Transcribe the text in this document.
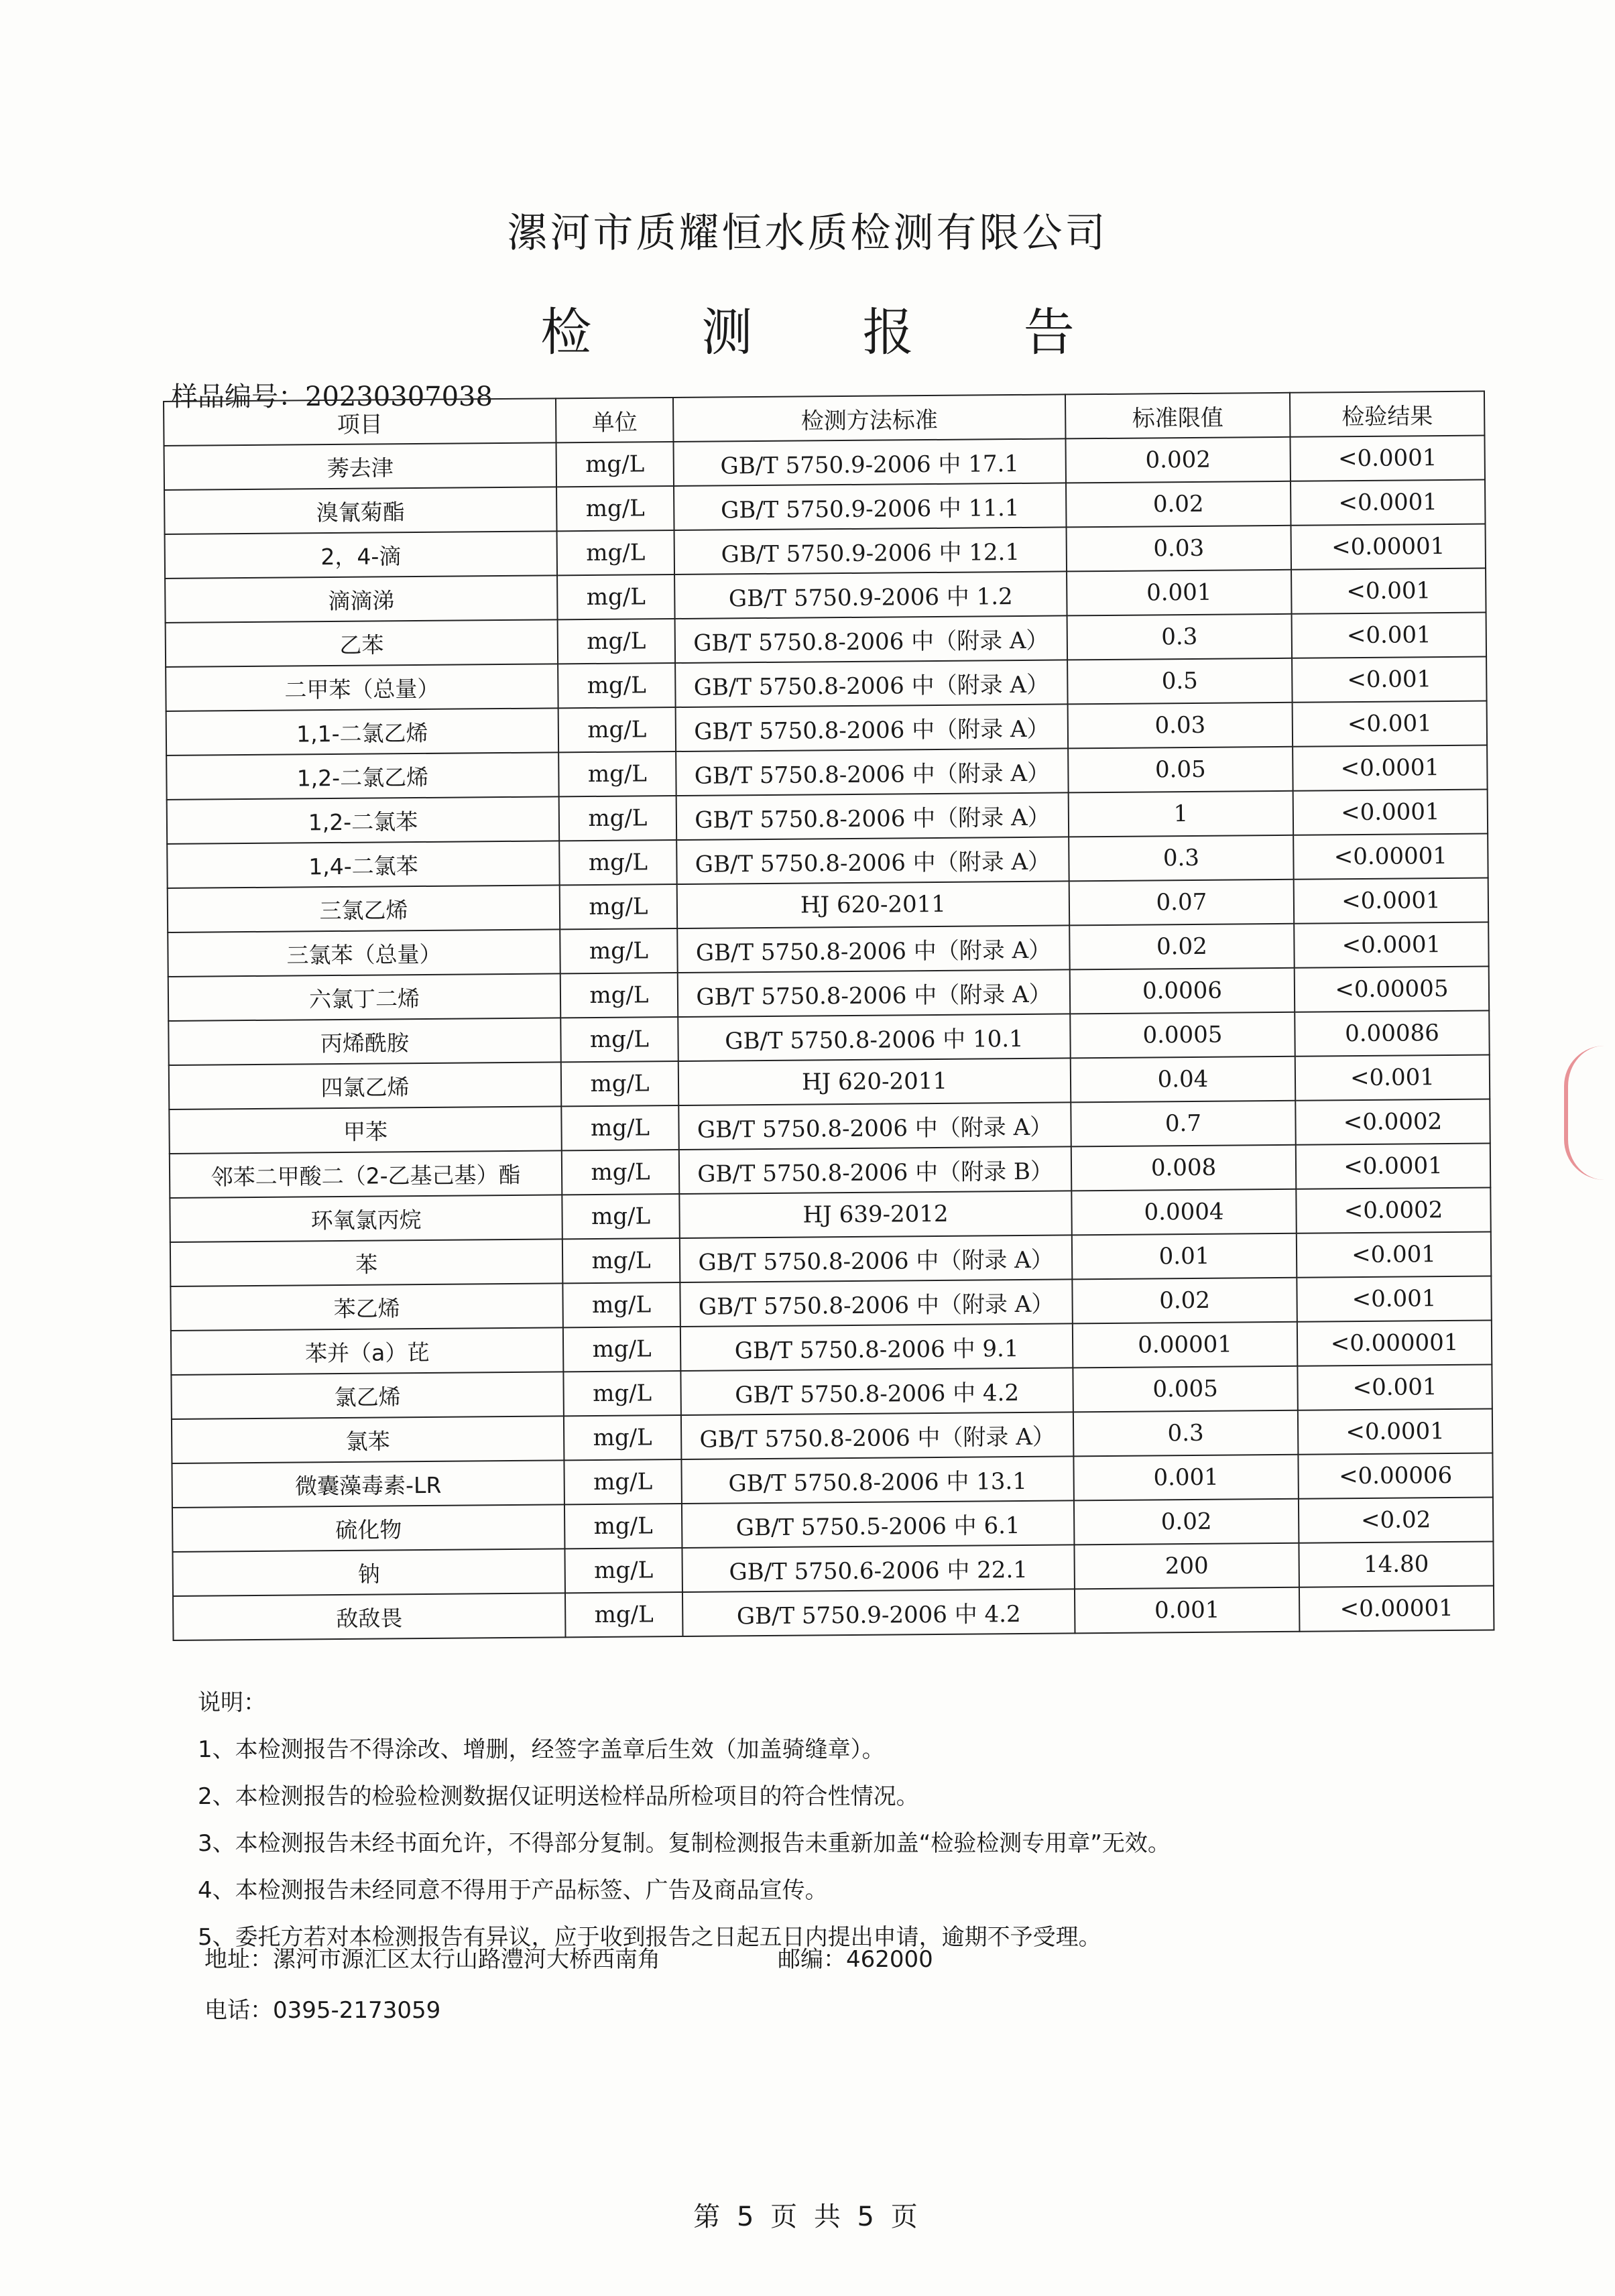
漯河市质耀恒水质检测有限公司
检 测 报 告
样品编号：20230307038
项目	单位	检测方法标准	标准限值	检验结果
莠去津	mg/L	GB/T 5750.9-2006 中 17.1	0.002	<0.0001
溴氰菊酯	mg/L	GB/T 5750.9-2006 中 11.1	0.02	<0.0001
2，4-滴	mg/L	GB/T 5750.9-2006 中 12.1	0.03	<0.00001
滴滴涕	mg/L	GB/T 5750.9-2006 中 1.2	0.001	<0.001
乙苯	mg/L	GB/T 5750.8-2006 中（附录 A）	0.3	<0.001
二甲苯（总量）	mg/L	GB/T 5750.8-2006 中（附录 A）	0.5	<0.001
1,1-二氯乙烯	mg/L	GB/T 5750.8-2006 中（附录 A）	0.03	<0.001
1,2-二氯乙烯	mg/L	GB/T 5750.8-2006 中（附录 A）	0.05	<0.0001
1,2-二氯苯	mg/L	GB/T 5750.8-2006 中（附录 A）	1	<0.0001
1,4-二氯苯	mg/L	GB/T 5750.8-2006 中（附录 A）	0.3	<0.00001
三氯乙烯	mg/L	HJ 620-2011	0.07	<0.0001
三氯苯（总量）	mg/L	GB/T 5750.8-2006 中（附录 A）	0.02	<0.0001
六氯丁二烯	mg/L	GB/T 5750.8-2006 中（附录 A）	0.0006	<0.00005
丙烯酰胺	mg/L	GB/T 5750.8-2006 中 10.1	0.0005	0.00086
四氯乙烯	mg/L	HJ 620-2011	0.04	<0.001
甲苯	mg/L	GB/T 5750.8-2006 中（附录 A）	0.7	<0.0002
邻苯二甲酸二（2-乙基己基）酯	mg/L	GB/T 5750.8-2006 中（附录 B）	0.008	<0.0001
环氧氯丙烷	mg/L	HJ 639-2012	0.0004	<0.0002
苯	mg/L	GB/T 5750.8-2006 中（附录 A）	0.01	<0.001
苯乙烯	mg/L	GB/T 5750.8-2006 中（附录 A）	0.02	<0.001
苯并（a）芘	mg/L	GB/T 5750.8-2006 中 9.1	0.00001	<0.000001
氯乙烯	mg/L	GB/T 5750.8-2006 中 4.2	0.005	<0.001
氯苯	mg/L	GB/T 5750.8-2006 中（附录 A）	0.3	<0.0001
微囊藻毒素-LR	mg/L	GB/T 5750.8-2006 中 13.1	0.001	<0.00006
硫化物	mg/L	GB/T 5750.5-2006 中 6.1	0.02	<0.02
钠	mg/L	GB/T 5750.6-2006 中 22.1	200	14.80
敌敌畏	mg/L	GB/T 5750.9-2006 中 4.2	0.001	<0.00001
说明：
1、本检测报告不得涂改、增删，经签字盖章后生效（加盖骑缝章）。
2、本检测报告的检验检测数据仅证明送检样品所检项目的符合性情况。
3、本检测报告未经书面允许，不得部分复制。复制检测报告未重新加盖“检验检测专用章”无效。
4、本检测报告未经同意不得用于产品标签、广告及商品宣传。
5、委托方若对本检测报告有异议，应于收到报告之日起五日内提出申请，逾期不予受理。
地址：漯河市源汇区太行山路澧河大桥西南角	邮编：462000
电话：0395-2173059
第 5 页 共 5 页
